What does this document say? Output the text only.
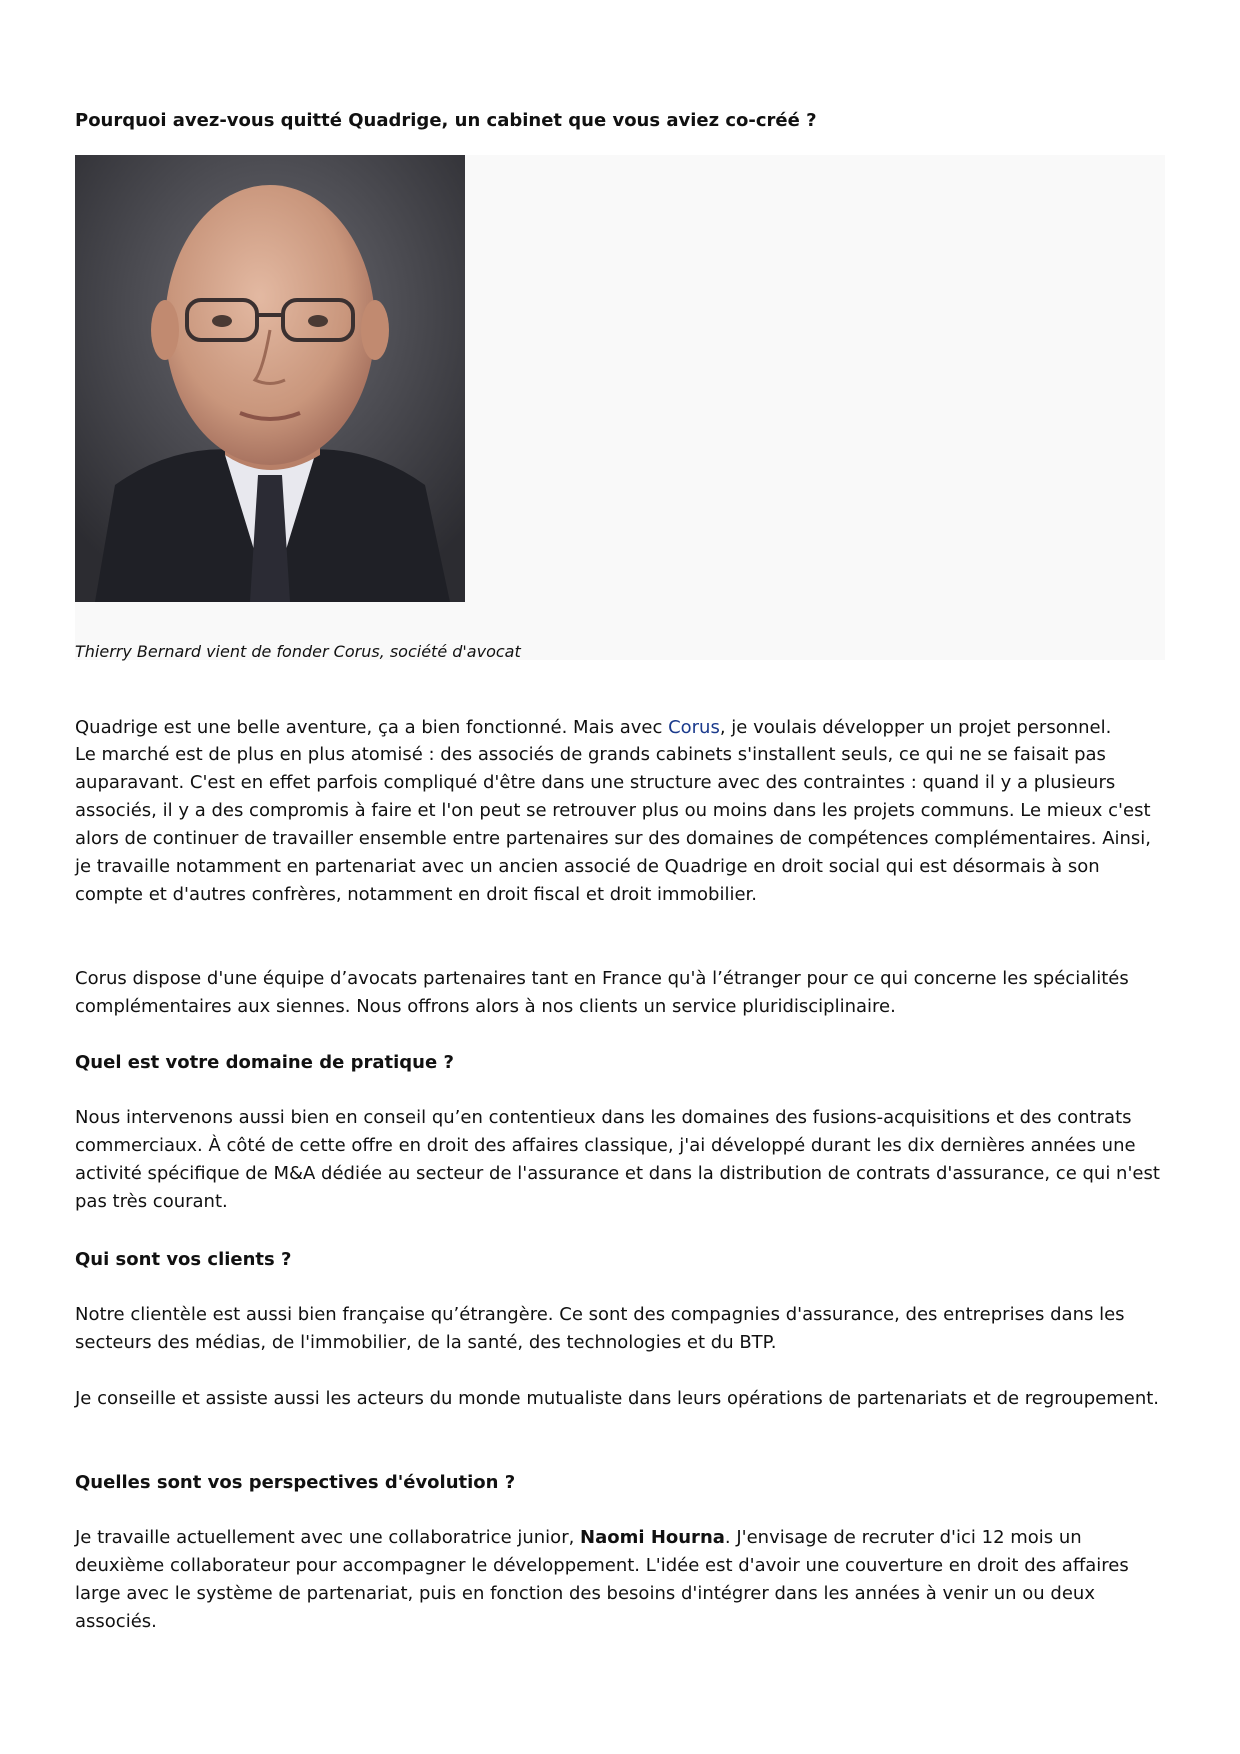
Pourquoi avez-vous quitté Quadrige, un cabinet que vous aviez co-créé ?

Thierry Bernard vient de fonder Corus, société d'avocat

Quadrige est une belle aventure, ça a bien fonctionné. Mais avec Corus, je voulais développer un projet personnel.

Le marché est de plus en plus atomisé : des associés de grands cabinets s'installent seuls, ce qui ne se faisait pas auparavant. C'est en effet parfois compliqué d'être dans une structure avec des contraintes : quand il y a plusieurs associés, il y a des compromis à faire et l'on peut se retrouver plus ou moins dans les projets communs. Le mieux c'est alors de continuer de travailler ensemble entre partenaires sur des domaines de compétences complémentaires. Ainsi, je travaille notamment en partenariat avec un ancien associé de Quadrige en droit social qui est désormais à son compte et d'autres confrères, notamment en droit fiscal et droit immobilier.

Corus dispose d'une équipe d’avocats partenaires tant en France qu'à l’étranger pour ce qui concerne les spécialités complémentaires aux siennes. Nous offrons alors à nos clients un service pluridisciplinaire.

Quel est votre domaine de pratique ?

Nous intervenons aussi bien en conseil qu’en contentieux dans les domaines des fusions-acquisitions et des contrats commerciaux. À côté de cette offre en droit des affaires classique, j'ai développé durant les dix dernières années une activité spécifique de M&A dédiée au secteur de l'assurance et dans la distribution de contrats d'assurance, ce qui n'est pas très courant.

Qui sont vos clients ?

Notre clientèle est aussi bien française qu’étrangère. Ce sont des compagnies d'assurance, des entreprises dans les secteurs des médias, de l'immobilier, de la santé, des technologies et du BTP.

Je conseille et assiste aussi les acteurs du monde mutualiste dans leurs opérations de partenariats et de regroupement.

Quelles sont vos perspectives d'évolution ?

Je travaille actuellement avec une collaboratrice junior, Naomi Hourna. J'envisage de recruter d'ici 12 mois un deuxième collaborateur pour accompagner le développement. L'idée est d'avoir une couverture en droit des affaires large avec le système de partenariat, puis en fonction des besoins d'intégrer dans les années à venir un ou deux associés.
